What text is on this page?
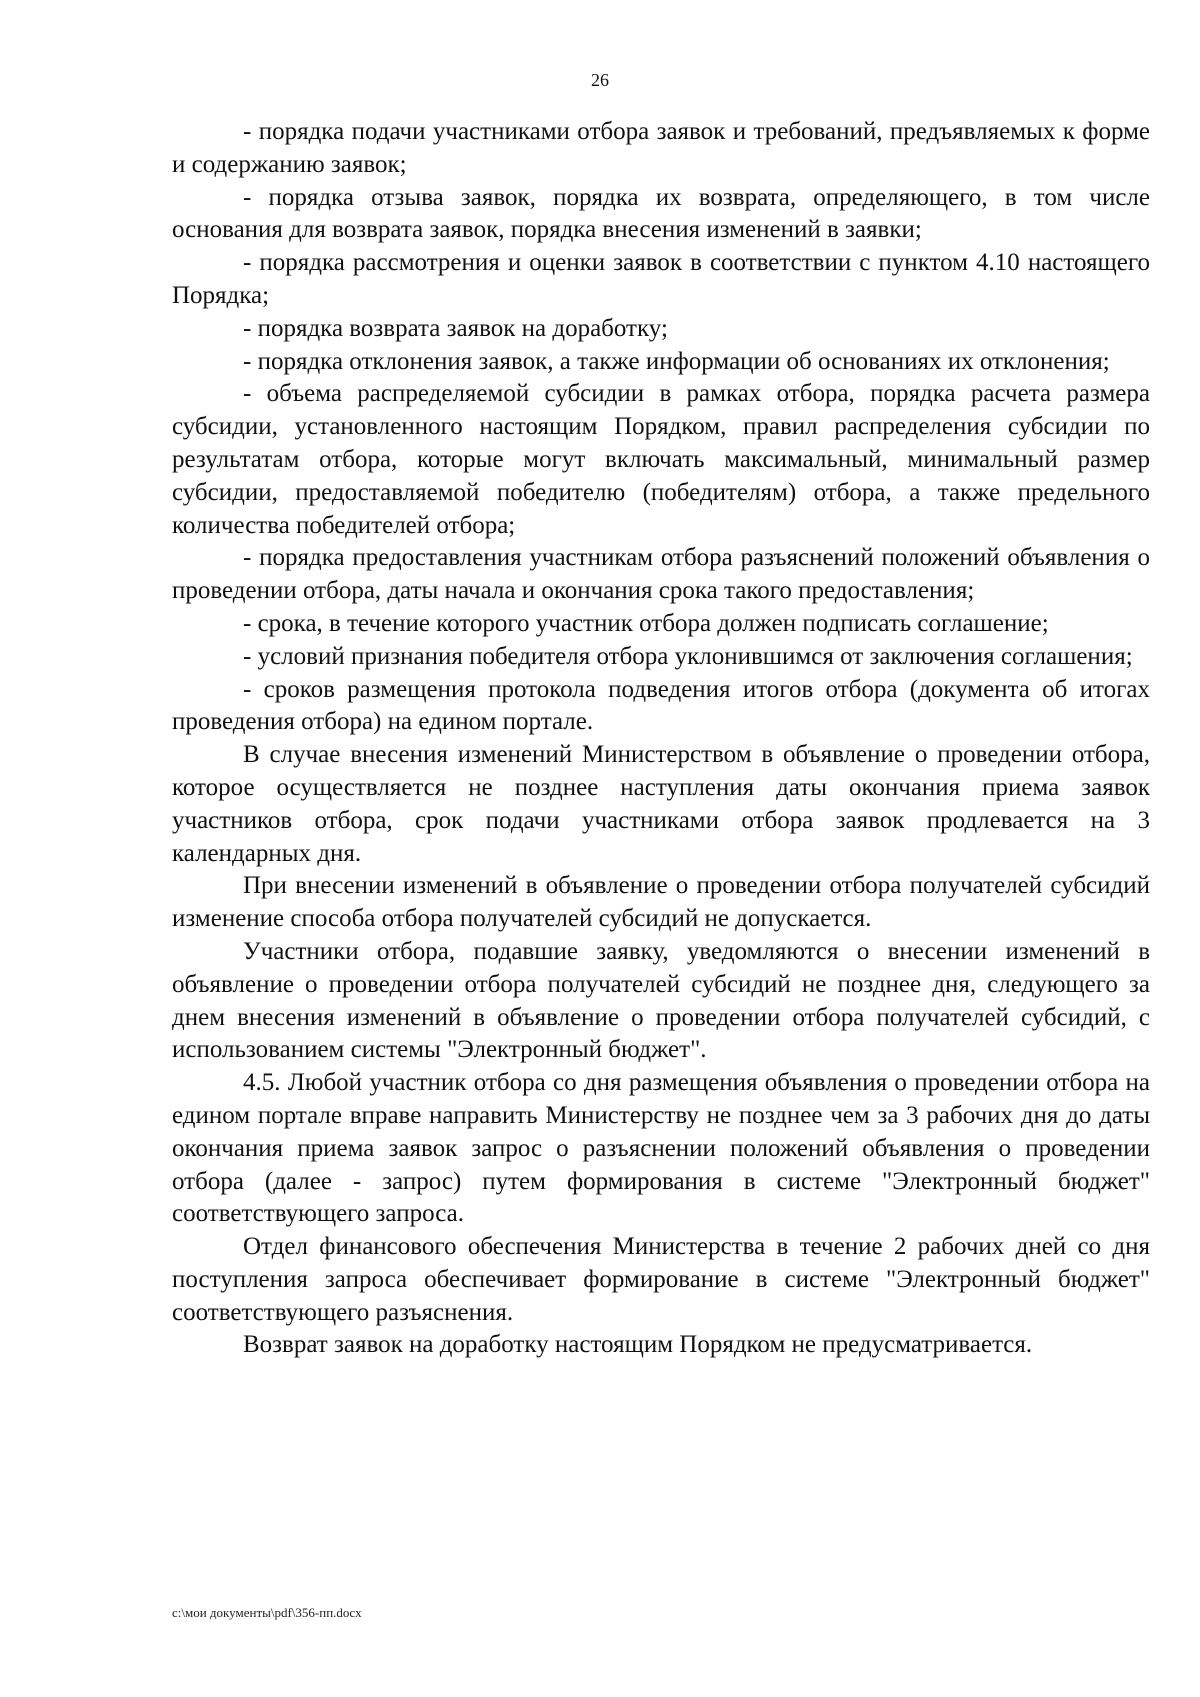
26

- порядка подачи участниками отбора заявок и требований, предъявляемых к форме и содержанию заявок;

- порядка отзыва заявок, порядка их возврата, определяющего, в том числе основания для возврата заявок, порядка внесения изменений в заявки;

- порядка рассмотрения и оценки заявок в соответствии с пунктом 4.10 настоящего Порядка;

- порядка возврата заявок на доработку;

- порядка отклонения заявок, а также информации об основаниях их отклонения;

- объема распределяемой субсидии в рамках отбора, порядка расчета размера субсидии, установленного настоящим Порядком, правил распределения субсидии по результатам отбора, которые могут включать максимальный, минимальный размер субсидии, предоставляемой победителю (победителям) отбора, а также предельного количества победителей отбора;

- порядка предоставления участникам отбора разъяснений положений объявления о проведении отбора, даты начала и окончания срока такого предоставления;

- срока, в течение которого участник отбора должен подписать соглашение;

- условий признания победителя отбора уклонившимся от заключения соглашения;

- сроков размещения протокола подведения итогов отбора (документа об итогах проведения отбора) на едином портале.

В случае внесения изменений Министерством в объявление о проведении отбора, которое осуществляется не позднее наступления даты окончания приема заявок участников отбора, срок подачи участниками отбора заявок продлевается на 3 календарных дня.

При внесении изменений в объявление о проведении отбора получателей субсидий изменение способа отбора получателей субсидий не допускается.

Участники отбора, подавшие заявку, уведомляются о внесении изменений в объявление о проведении отбора получателей субсидий не позднее дня, следующего за днем внесения изменений в объявление о проведении отбора получателей субсидий, с использованием системы "Электронный бюджет".

4.5. Любой участник отбора со дня размещения объявления о проведении отбора на едином портале вправе направить Министерству не позднее чем за 3 рабочих дня до даты окончания приема заявок запрос о разъяснении положений объявления о проведении отбора (далее - запрос) путем формирования в системе "Электронный бюджет" соответствующего запроса.

Отдел финансового обеспечения Министерства в течение 2 рабочих дней со дня поступления запроса обеспечивает формирование в системе "Электронный бюджет" соответствующего разъяснения.

Возврат заявок на доработку настоящим Порядком не предусматривается.

c:\мои документы\pdf\356-пп.docx
